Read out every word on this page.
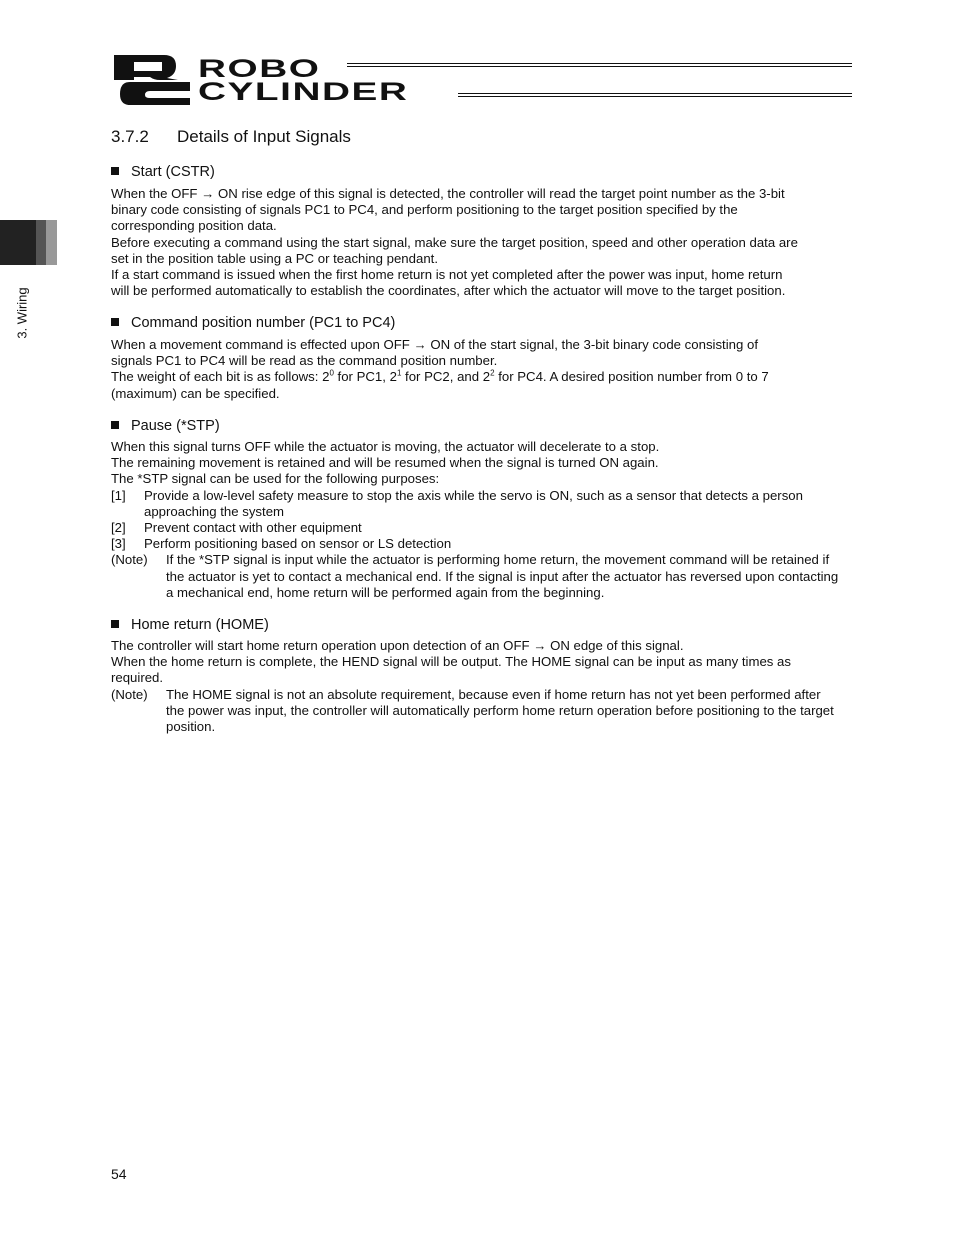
ROBO
CYLINDER
3. Wiring
3.7.2 Details of Input Signals
Start (CSTR)

When the OFF → ON rise edge of this signal is detected, the controller will read the target point number as the 3-bit

binary code consisting of signals PC1 to PC4, and perform positioning to the target position specified by the

corresponding position data.

Before executing a command using the start signal, make sure the target position, speed and other operation data are

set in the position table using a PC or teaching pendant.

If a start command is issued when the first home return is not yet completed after the power was input, home return

will be performed automatically to establish the coordinates, after which the actuator will move to the target position.

Command position number (PC1 to PC4)

When a movement command is effected upon OFF → ON of the start signal, the 3-bit binary code consisting of

signals PC1 to PC4 will be read as the command position number.

The weight of each bit is as follows: $2^0$ for PC1, $2^1$ for PC2, and $2^2$ for PC4. A desired position number from 0 to 7

(maximum) can be specified.

Pause (*STP)

When this signal turns OFF while the actuator is moving, the actuator will decelerate to a stop.

The remaining movement is retained and will be resumed when the signal is turned ON again.

The *STP signal can be used for the following purposes:

[1]	Provide a low-level safety measure to stop the axis while the servo is ON, such as a sensor that detects a person approaching the system
[2]	Prevent contact with other equipment
[3]	Perform positioning based on sensor or LS detection
(Note)	If the *STP signal is input while the actuator is performing home return, the movement command will be retained if the actuator is yet to contact a mechanical end. If the signal is input after the actuator has reversed upon contacting a mechanical end, home return will be performed again from the beginning.
Home return (HOME)

The controller will start home return operation upon detection of an OFF → ON edge of this signal.

When the home return is complete, the HEND signal will be output. The HOME signal can be input as many times as

required.

(Note)	The HOME signal is not an absolute requirement, because even if home return has not yet been performed after the power was input, the controller will automatically perform home return operation before positioning to the target position.
54
